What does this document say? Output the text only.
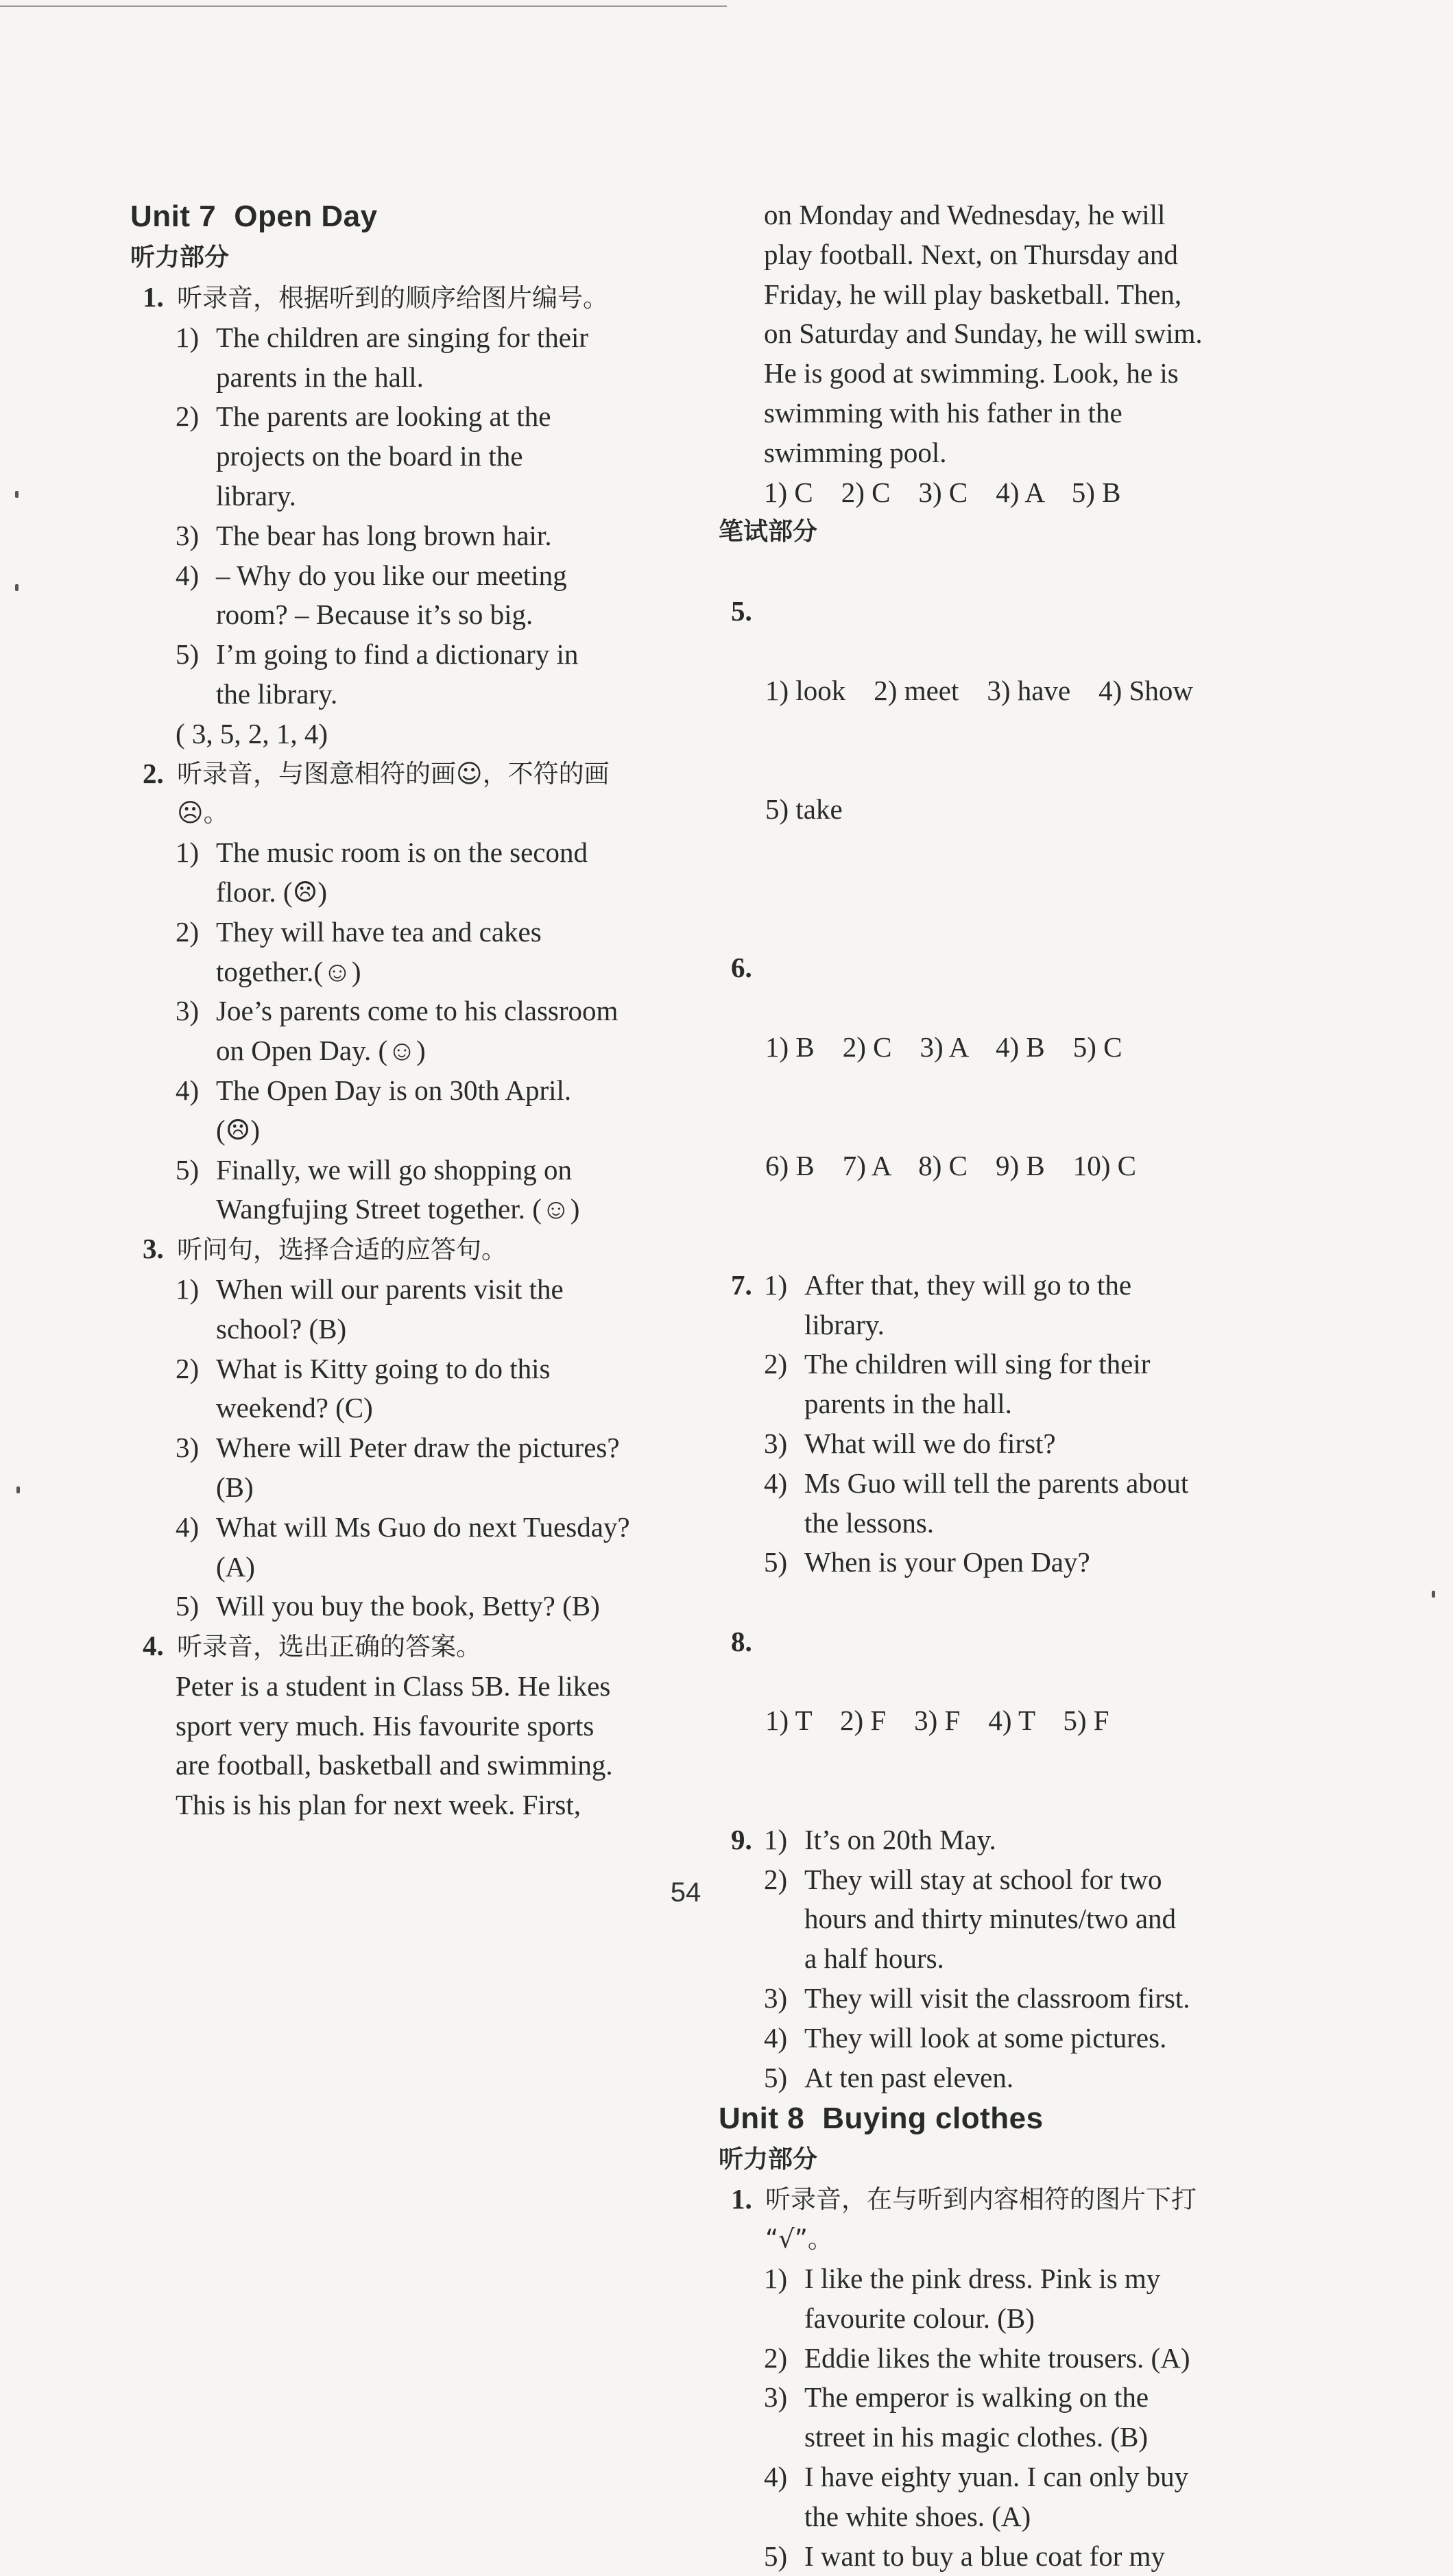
Unit 7 Open Day
听力部分
1. 听录音，根据听到的顺序给图片编号。
1) The children are singing for their
parents in the hall.
2) The parents are looking at the
projects on the board in the
library.
3) The bear has long brown hair.
4) – Why do you like our meeting
room? – Because it’s so big.
5) I’m going to find a dictionary in
the library.
( 3, 5, 2, 1, 4)
2. 听录音，与图意相符的画☺，不符的画
☹。
1) The music room is on the second
floor. (☹)
2) They will have tea and cakes
together.(☺)
3) Joe’s parents come to his classroom
on Open Day. (☺)
4) The Open Day is on 30th April.
(☹)
5) Finally, we will go shopping on
Wangfujing Street together. (☺)
3. 听问句，选择合适的应答句。
1) When will our parents visit the
school? (B)
2) What is Kitty going to do this
weekend? (C)
3) Where will Peter draw the pictures?
(B)
4) What will Ms Guo do next Tuesday?
(A)
5) Will you buy the book, Betty? (B)
4. 听录音，选出正确的答案。
Peter is a student in Class 5B. He likes
sport very much. His favourite sports
are football, basketball and swimming.
This is his plan for next week. First,
on Monday and Wednesday, he will
play football. Next, on Thursday and
Friday, he will play basketball. Then,
on Saturday and Sunday, he will swim.
He is good at swimming. Look, he is
swimming with his father in the
swimming pool.
1) C    2) C    3) C    4) A    5) B
笔试部分

5.

1) look    2) meet    3) have    4) Show

5) take

6.

1) B    2) C    3) A    4) B    5) C

6) B    7) A    8) C    9) B    10) C

7. 1) After that, they will go to the
library.
2) The children will sing for their
parents in the hall.
3) What will we do first?
4) Ms Guo will tell the parents about
the lessons.
5) When is your Open Day?

8.

1) T    2) F    3) F    4) T    5) F

9. 1) It’s on 20th May.
2) They will stay at school for two
hours and thirty minutes/two and
a half hours.
3) They will visit the classroom first.
4) They will look at some pictures.
5) At ten past eleven.
Unit 8 Buying clothes
听力部分
1. 听录音，在与听到内容相符的图片下打
“√”。
1) I like the pink dress. Pink is my
favourite colour. (B)
2) Eddie likes the white trousers. (A)
3) The emperor is walking on the
street in his magic clothes. (B)
4) I have eighty yuan. I can only buy
the white shoes. (A)
5) I want to buy a blue coat for my
54
